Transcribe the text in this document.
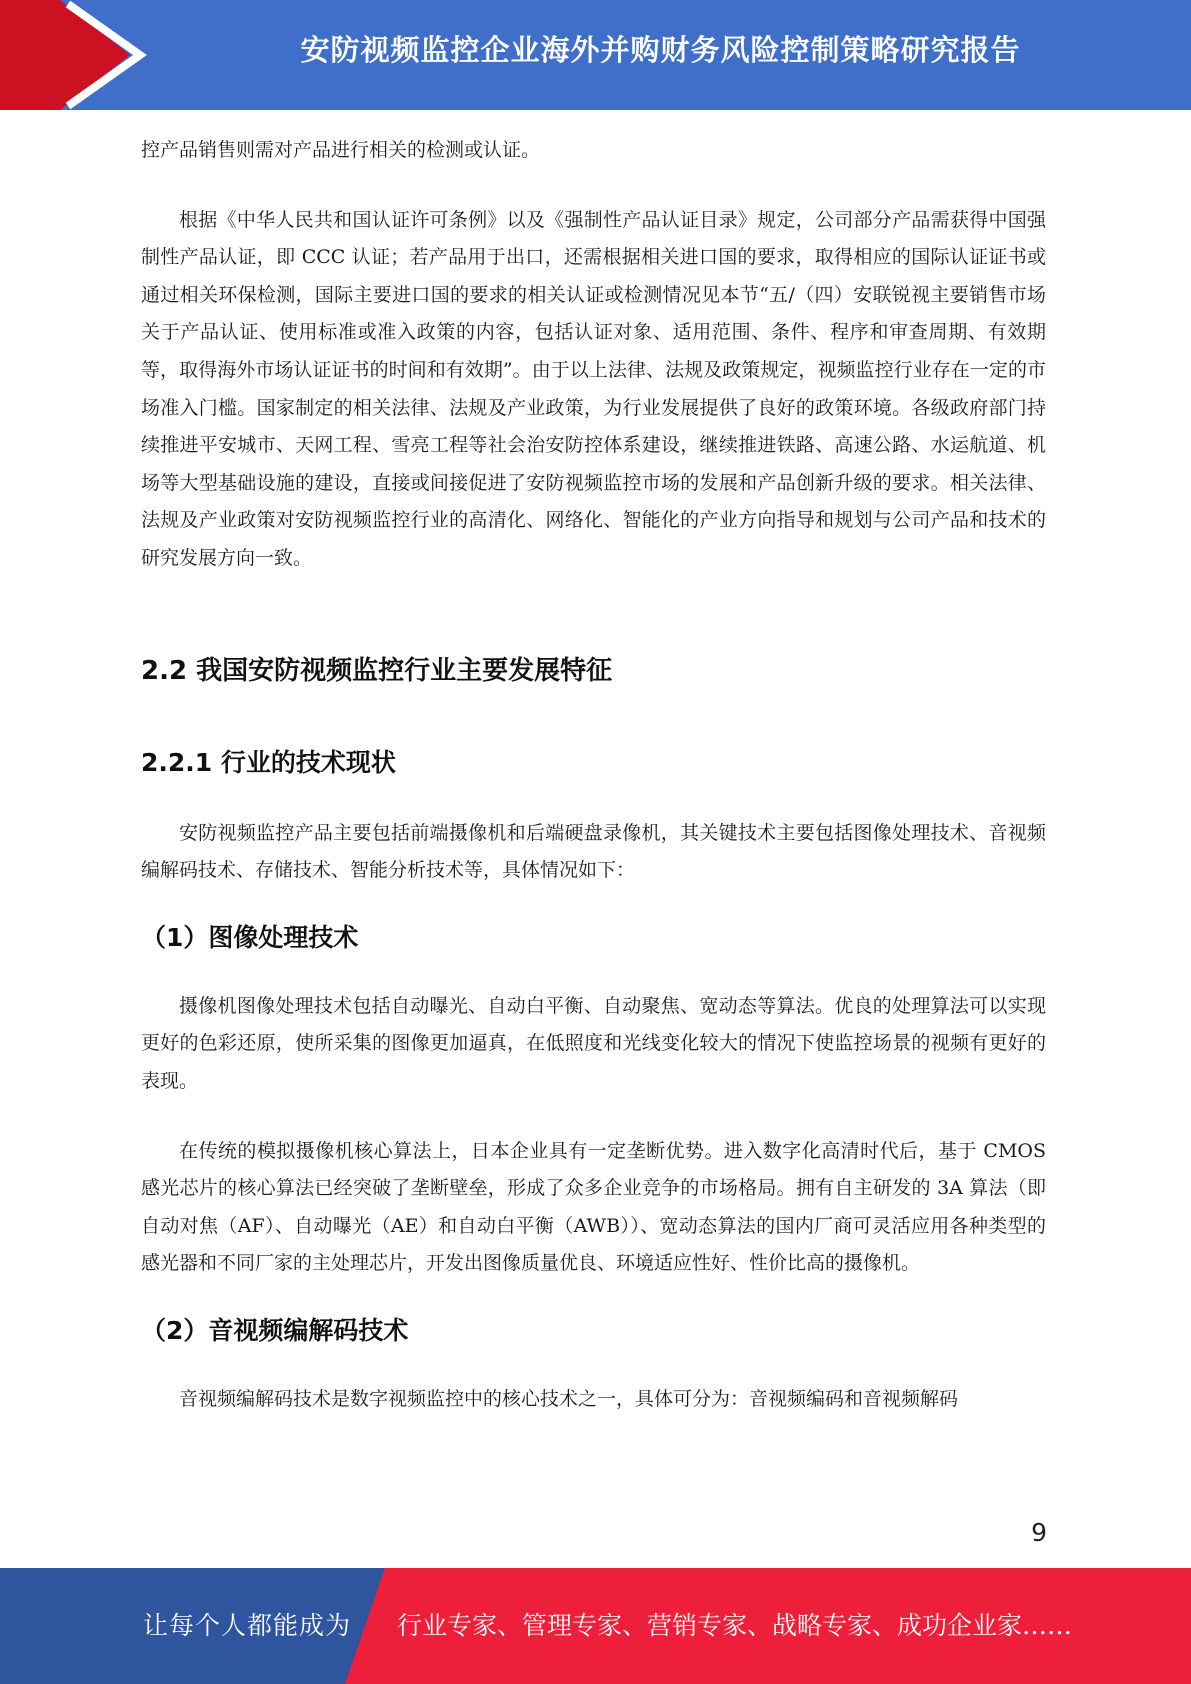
安防视频监控企业海外并购财务风险控制策略研究报告

控产品销售则需对产品进行相关的检测或认证。

根据《中华人民共和国认证许可条例》以及《强制性产品认证目录》规定，公司部分产品需获得中国强制性产品认证，即 CCC 认证；若产品用于出口，还需根据相关进口国的要求，取得相应的国际认证证书或通过相关环保检测，国际主要进口国的要求的相关认证或检测情况见本节“五/（四）安联锐视主要销售市场关于产品认证、使用标准或准入政策的内容，包括认证对象、适用范围、条件、程序和审查周期、有效期等，取得海外市场认证证书的时间和有效期”。由于以上法律、法规及政策规定，视频监控行业存在一定的市场准入门槛。国家制定的相关法律、法规及产业政策，为行业发展提供了良好的政策环境。各级政府部门持续推进平安城市、天网工程、雪亮工程等社会治安防控体系建设，继续推进铁路、高速公路、水运航道、机场等大型基础设施的建设，直接或间接促进了安防视频监控市场的发展和产品创新升级的要求。相关法律、法规及产业政策对安防视频监控行业的高清化、网络化、智能化的产业方向指导和规划与公司产品和技术的研究发展方向一致。

2.2 我国安防视频监控行业主要发展特征
2.2.1 行业的技术现状

安防视频监控产品主要包括前端摄像机和后端硬盘录像机，其关键技术主要包括图像处理技术、音视频编解码技术、存储技术、智能分析技术等，具体情况如下：

（1）图像处理技术

摄像机图像处理技术包括自动曝光、自动白平衡、自动聚焦、宽动态等算法。优良的处理算法可以实现更好的色彩还原，使所采集的图像更加逼真，在低照度和光线变化较大的情况下使监控场景的视频有更好的表现。

在传统的模拟摄像机核心算法上，日本企业具有一定垄断优势。进入数字化高清时代后，基于 CMOS 感光芯片的核心算法已经突破了垄断壁垒，形成了众多企业竞争的市场格局。拥有自主研发的 3A 算法（即自动对焦（AF）、自动曝光（AE）和自动白平衡（AWB））、宽动态算法的国内厂商可灵活应用各种类型的感光器和不同厂家的主处理芯片，开发出图像质量优良、环境适应性好、性价比高的摄像机。

（2）音视频编解码技术

音视频编解码技术是数字视频监控中的核心技术之一，具体可分为：音视频编码和音视频解码

9
让每个人都能成为 行业专家、管理专家、营销专家、战略专家、成功企业家……
